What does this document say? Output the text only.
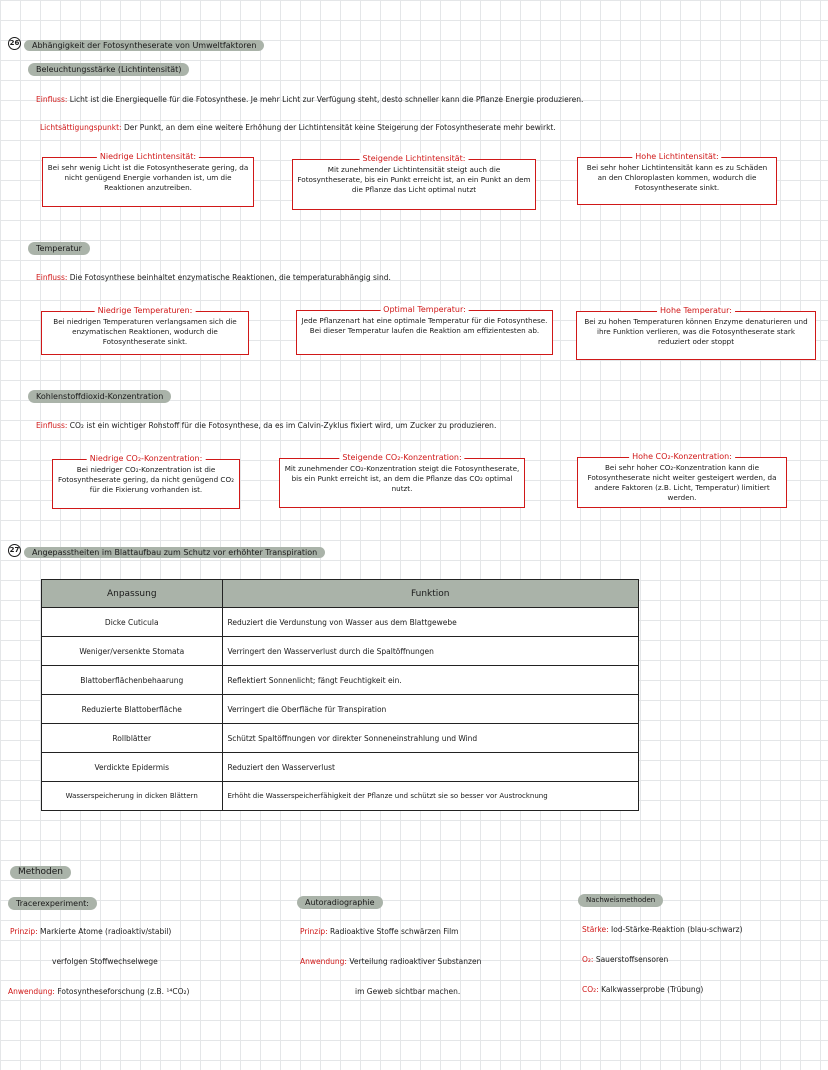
26 Abhängigkeit der Fotosyntheserate von Umweltfaktoren
Beleuchtungsstärke (Lichtintensität)
Einfluss: Licht ist die Energiequelle für die Fotosynthese. Je mehr Licht zur Verfügung steht, desto schneller kann die Pflanze Energie produzieren.
Lichtsättigungspunkt: Der Punkt, an dem eine weitere Erhöhung der Lichtintensität keine Steigerung der Fotosyntheserate mehr bewirkt.
Niedrige Lichtintensität:
Bei sehr wenig Licht ist die Fotosyntheserate gering, da nicht genügend Energie vorhanden ist, um die Reaktionen anzutreiben.
Steigende Lichtintensität:
Mit zunehmender Lichtintensität steigt auch die Fotosyntheserate, bis ein Punkt erreicht ist, an ein Punkt an dem die Pflanze das Licht optimal nutzt
Hohe Lichtintensität:
Bei sehr hoher Lichtintensität kann es zu Schäden an den Chloroplasten kommen, wodurch die Fotosyntheserate sinkt.
Temperatur
Einfluss: Die Fotosynthese beinhaltet enzymatische Reaktionen, die temperaturabhängig sind.
Niedrige Temperaturen:
Bei niedrigen Temperaturen verlangsamen sich die enzymatischen Reaktionen, wodurch die Fotosyntheserate sinkt.
Optimal Temperatur:
Jede Pflanzenart hat eine optimale Temperatur für die Fotosynthese. Bei dieser Temperatur laufen die Reaktion am effizientesten ab.
Hohe Temperatur:
Bei zu hohen Temperaturen können Enzyme denaturieren und ihre Funktion verlieren, was die Fotosyntheserate stark reduziert oder stoppt
Kohlenstoffdioxid-Konzentration
Einfluss: CO₂ ist ein wichtiger Rohstoff für die Fotosynthese, da es im Calvin-Zyklus fixiert wird, um Zucker zu produzieren.
Niedrige CO₂-Konzentration:
Bei niedriger CO₂-Konzentration ist die Fotosyntheserate gering, da nicht genügend CO₂ für die Fixierung vorhanden ist.
Steigende CO₂-Konzentration:
Mit zunehmender CO₂-Konzentration steigt die Fotosyntheserate, bis ein Punkt erreicht ist, an dem die Pflanze das CO₂ optimal nutzt.
Hohe CO₂-Konzentration:
Bei sehr hoher CO₂-Konzentration kann die Fotosyntheserate nicht weiter gesteigert werden, da andere Faktoren (z.B. Licht, Temperatur) limitiert werden.
27 Angepasstheiten im Blattaufbau zum Schutz vor erhöhter Transpiration
Anpassung	Funktion
Dicke Cuticula	Reduziert die Verdunstung von Wasser aus dem Blattgewebe
Weniger/versenkte Stomata	Verringert den Wasserverlust durch die Spaltöffnungen
Blattoberflächenbehaarung	Reflektiert Sonnenlicht; fängt Feuchtigkeit ein.
Reduzierte Blattoberfläche	Verringert die Oberfläche für Transpiration
Rollblätter	Schützt Spaltöffnungen vor direkter Sonneneinstrahlung und Wind
Verdickte Epidermis	Reduziert den Wasserverlust
Wasserspeicherung in dicken Blättern	Erhöht die Wasserspeicherfähigkeit der Pflanze und schützt sie so besser vor Austrocknung
Methoden
Tracerexperiment:
Prinzip: Markierte Atome (radioaktiv/stabil)
verfolgen Stoffwechselwege
Anwendung: Fotosyntheseforschung (z.B. ¹⁴CO₂)
Autoradiographie
Prinzip: Radioaktive Stoffe schwärzen Film
Anwendung: Verteilung radioaktiver Substanzen
im Geweb sichtbar machen.
Nachweismethoden
Stärke: Iod-Stärke-Reaktion (blau-schwarz)
O₂: Sauerstoffsensoren
CO₂: Kalkwasserprobe (Trübung)
